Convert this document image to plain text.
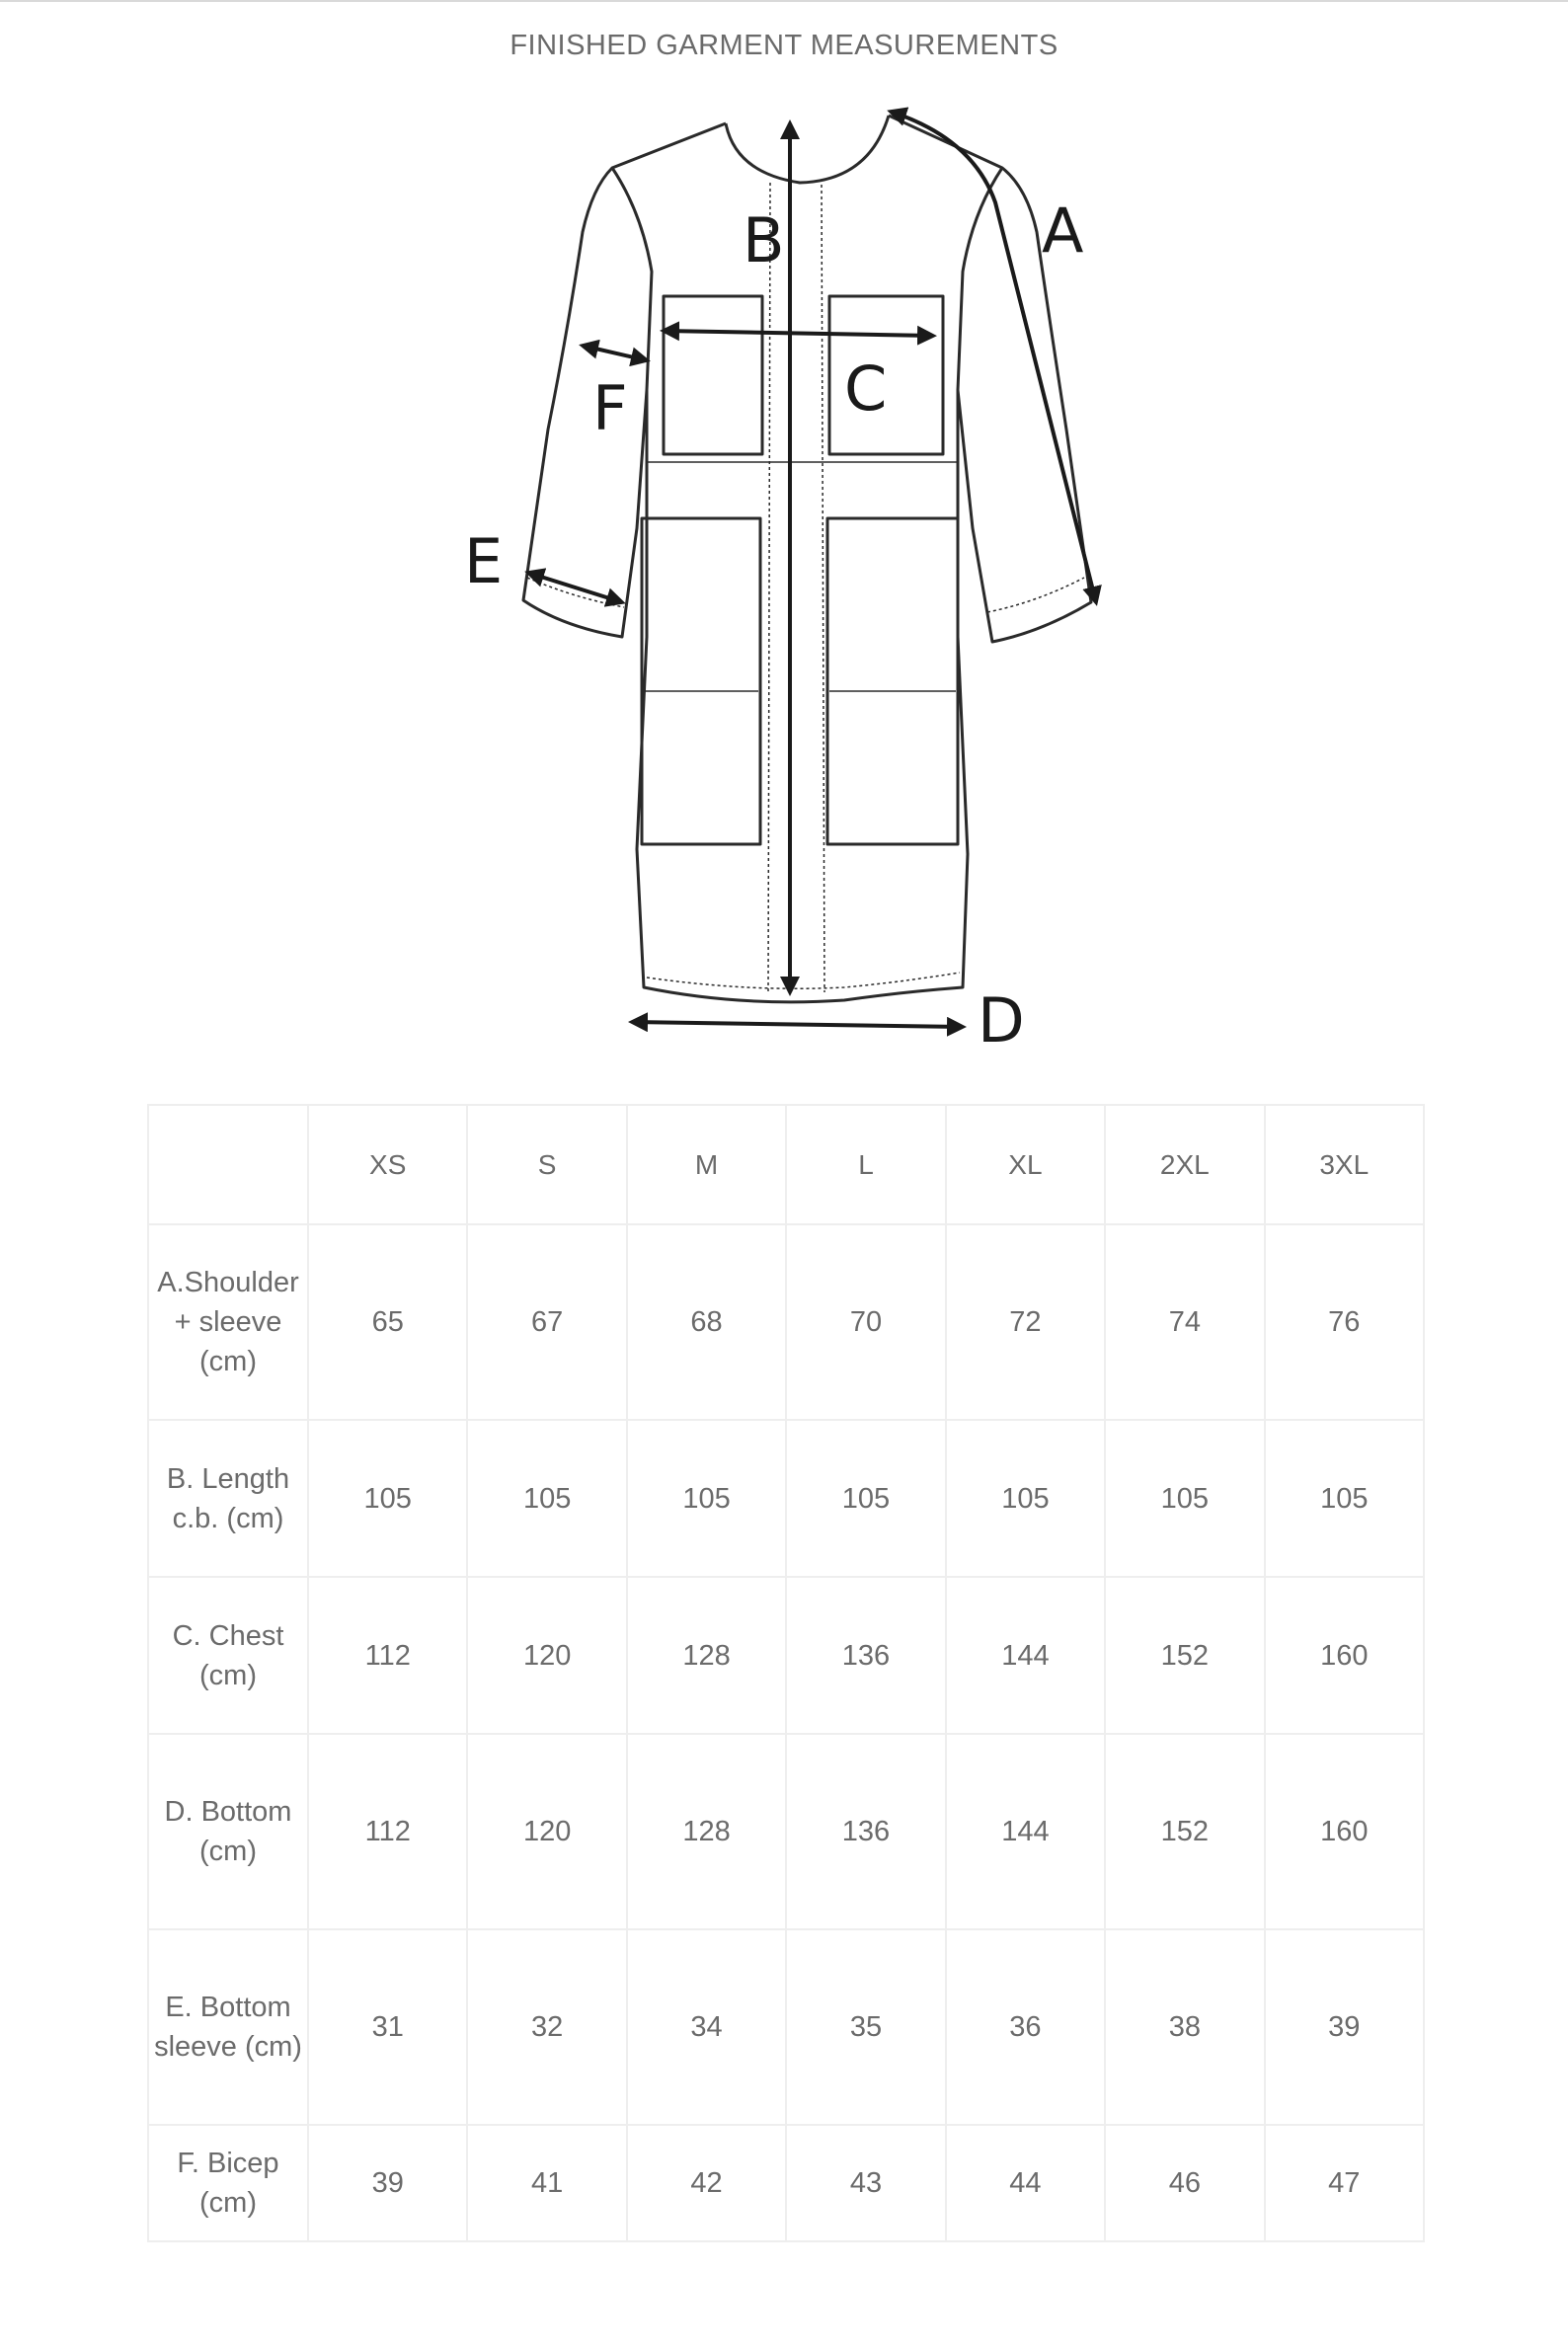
FINISHED GARMENT MEASUREMENTS
A
B
C
D
E
F
	XS	S	M	L	XL	2XL	3XL
A.Shoulder + sleeve (cm)	65	67	68	70	72	74	76
B. Length c.b. (cm)	105	105	105	105	105	105	105
C. Chest (cm)	112	120	128	136	144	152	160
D. Bottom (cm)	112	120	128	136	144	152	160
E. Bottom sleeve (cm)	31	32	34	35	36	38	39
F. Bicep (cm)	39	41	42	43	44	46	47
